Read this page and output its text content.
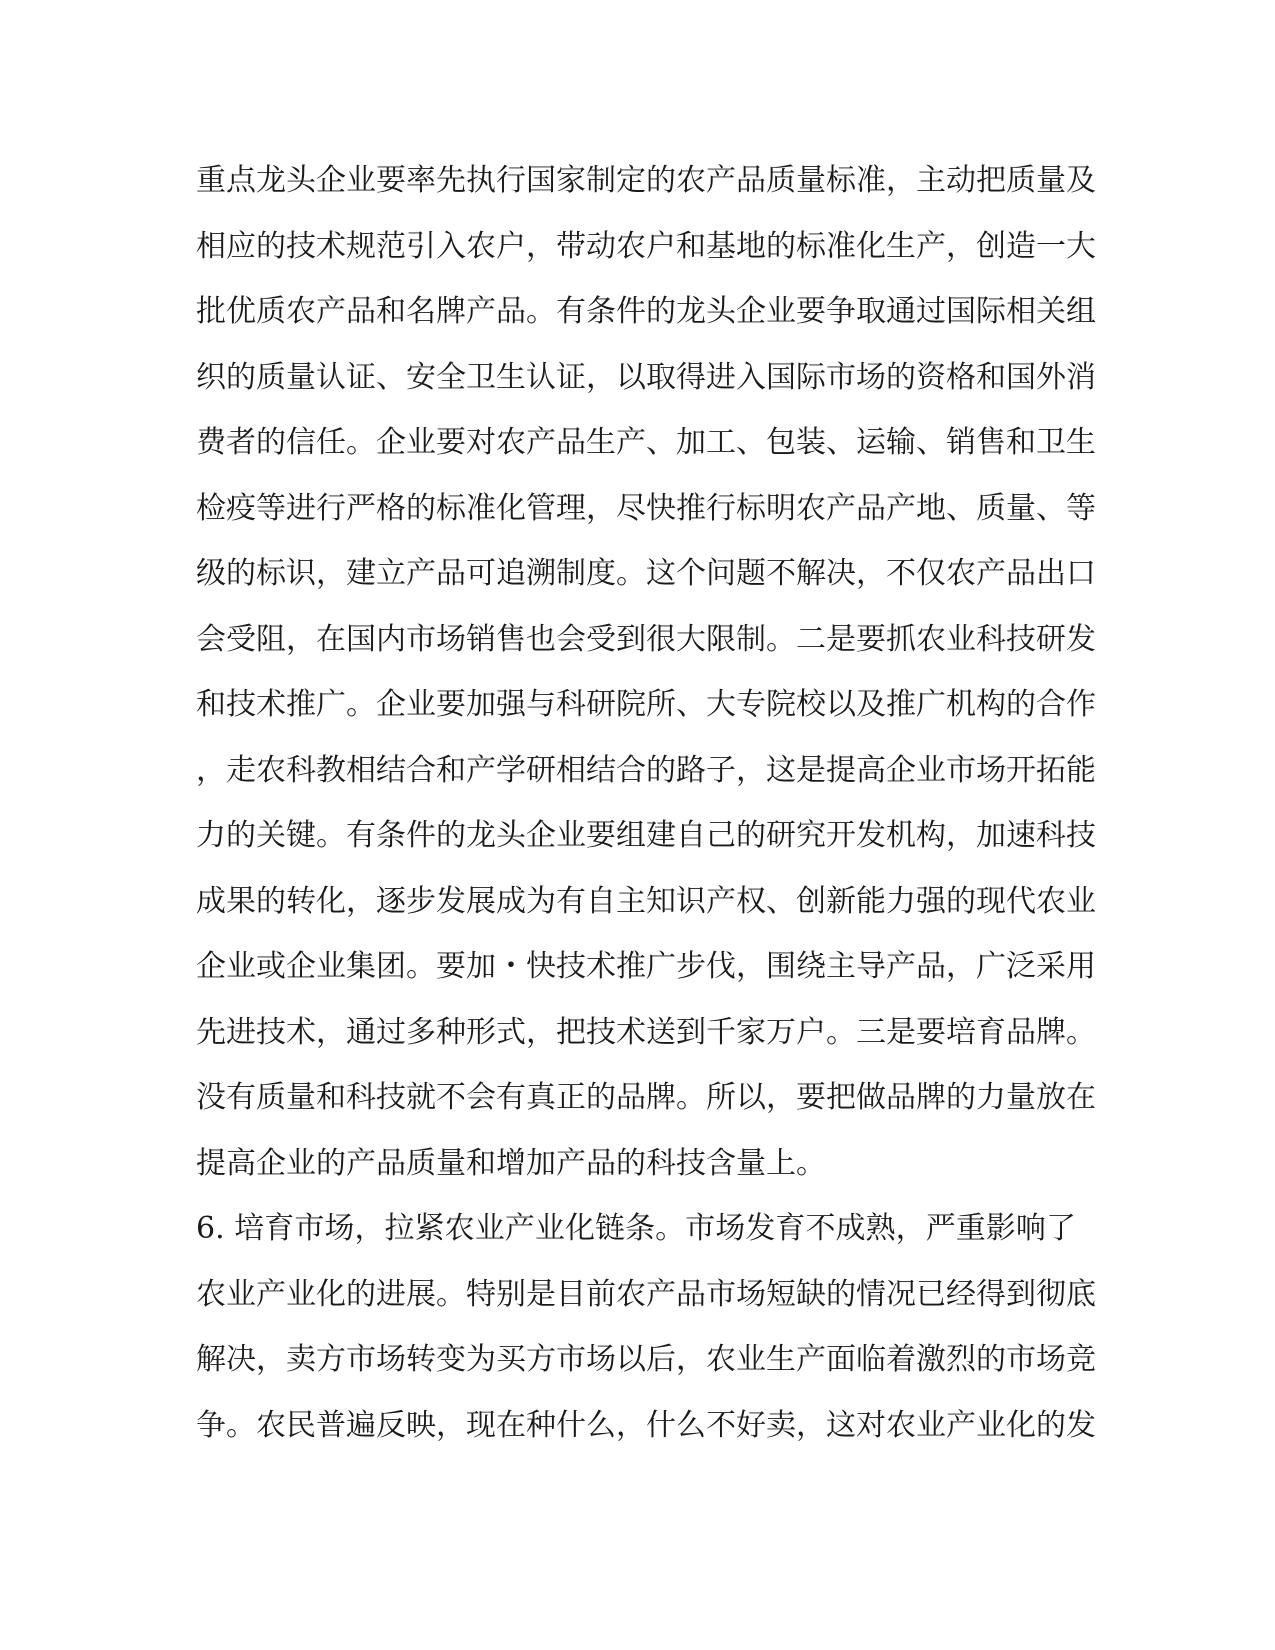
重点龙头企业要率先执行国家制定的农产品质量标准，主动把质量及
相应的技术规范引入农户，带动农户和基地的标准化生产，创造一大
批优质农产品和名牌产品。有条件的龙头企业要争取通过国际相关组
织的质量认证、安全卫生认证，以取得进入国际市场的资格和国外消
费者的信任。企业要对农产品生产、加工、包装、运输、销售和卫生
检疫等进行严格的标准化管理，尽快推行标明农产品产地、质量、等
级的标识，建立产品可追溯制度。这个问题不解决，不仅农产品出口
会受阻，在国内市场销售也会受到很大限制。二是要抓农业科技研发
和技术推广。企业要加强与科研院所、大专院校以及推广机构的合作
，走农科教相结合和产学研相结合的路子，这是提高企业市场开拓能
力的关键。有条件的龙头企业要组建自己的研究开发机构，加速科技
成果的转化，逐步发展成为有自主知识产权、创新能力强的现代农业
企业或企业集团。要加・快技术推广步伐，围绕主导产品，广泛采用
先进技术，通过多种形式，把技术送到千家万户。三是要培育品牌。
没有质量和科技就不会有真正的品牌。所以，要把做品牌的力量放在
提高企业的产品质量和增加产品的科技含量上。
6. 培育市场，拉紧农业产业化链条。市场发育不成熟，严重影响了
农业产业化的进展。特别是目前农产品市场短缺的情况已经得到彻底
解决，卖方市场转变为买方市场以后，农业生产面临着激烈的市场竞
争。农民普遍反映，现在种什么，什么不好卖，这对农业产业化的发
